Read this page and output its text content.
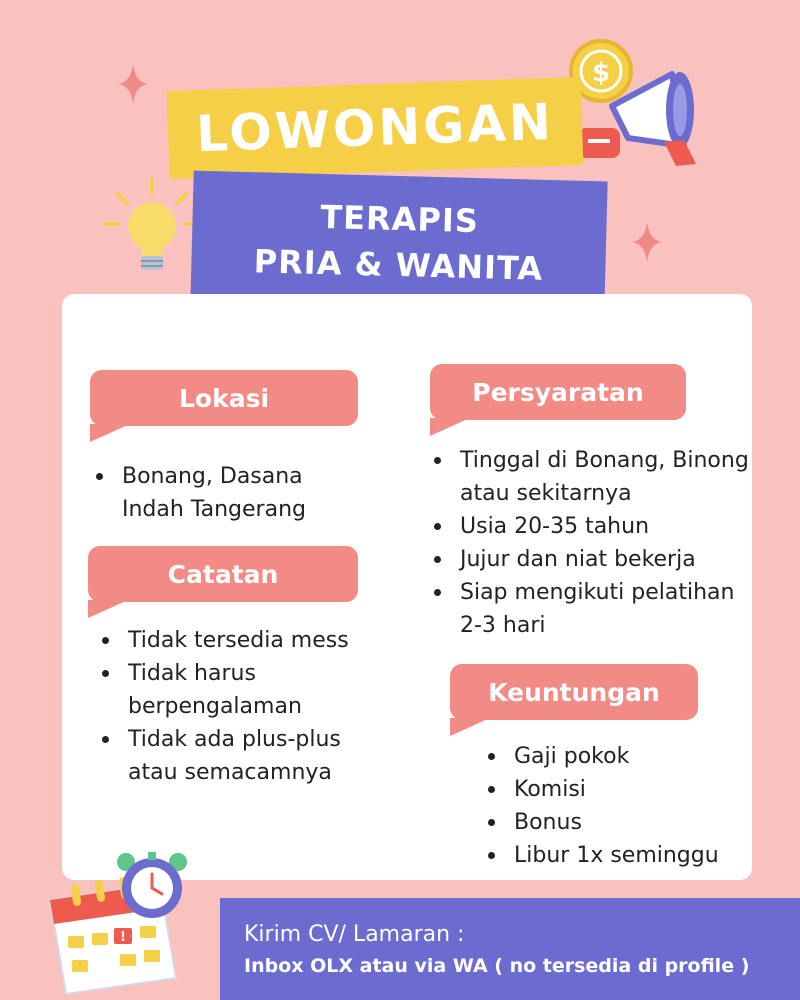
$
LOWONGAN
TERAPIS
PRIA & WANITA
Lokasi
Bonang, Dasana Indah Tangerang
Catatan
Tidak tersedia mess
Tidak harus berpengalaman
Tidak ada plus-plus atau semacamnya
Persyaratan
Tinggal di Bonang, Binong atau sekitarnya
Usia 20-35 tahun
Jujur dan niat bekerja
Siap mengikuti pelatihan 2-3 hari
Keuntungan
Gaji pokok
Komisi
Bonus
Libur 1x seminggu
!	Kirim CV/ Lamaran :
Inbox OLX atau via WA ( no tersedia di profile )
